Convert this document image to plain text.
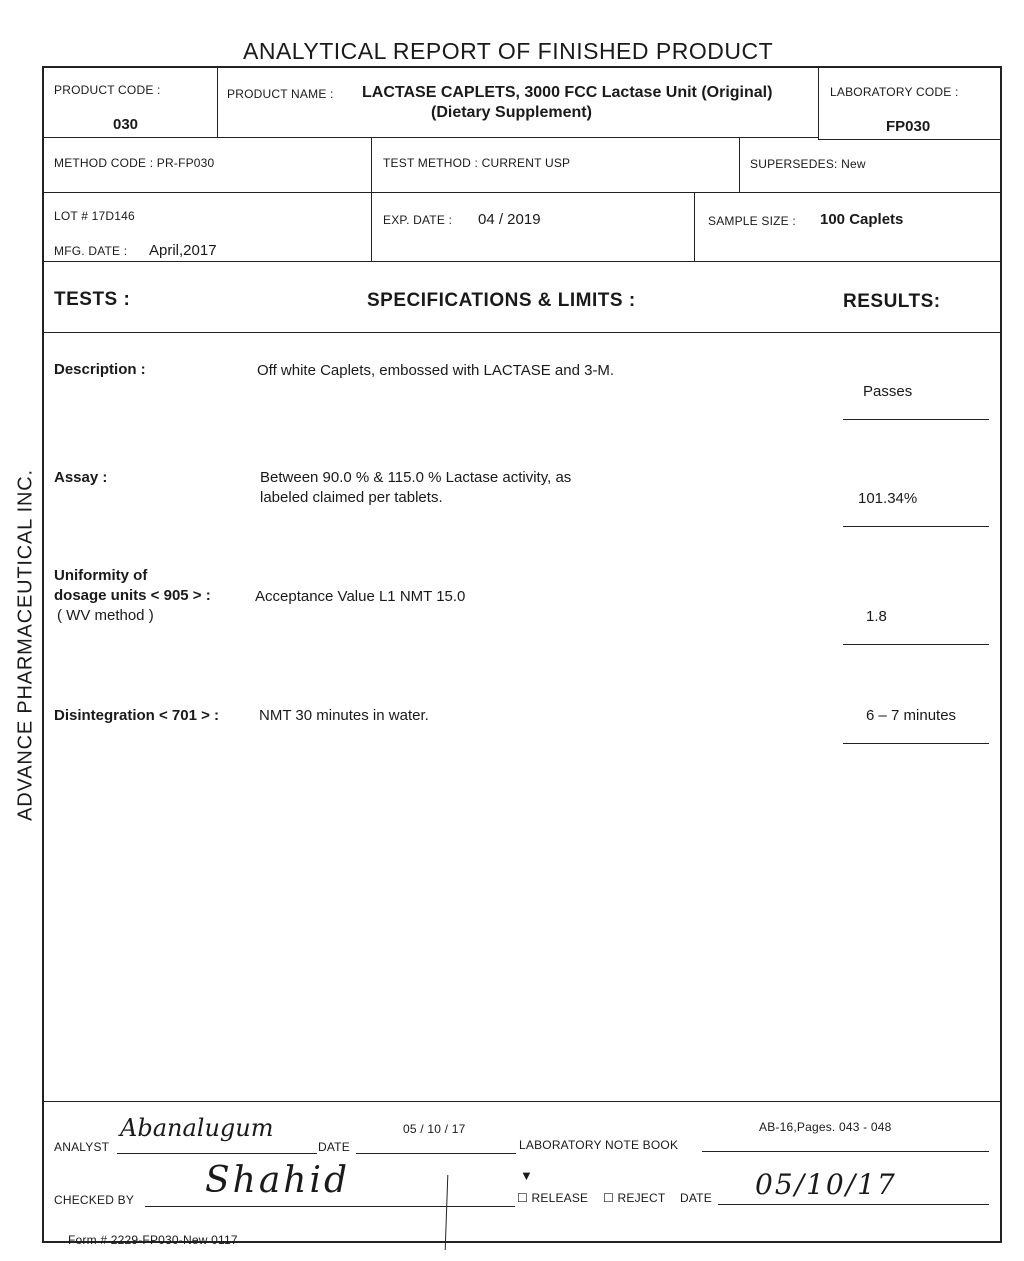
ANALYTICAL REPORT OF FINISHED PRODUCT
ADVANCE PHARMACEUTICAL INC.
PRODUCT CODE :
030
PRODUCT NAME : LACTASE CAPLETS, 3000 FCC Lactase Unit (Original)
(Dietary Supplement)
LABORATORY CODE :
FP030
METHOD CODE : PR-FP030	TEST METHOD : CURRENT USP	SUPERSEDES: New
LOT # 17D146
MFG. DATE : April,2017
EXP. DATE : 04 / 2019	SAMPLE SIZE : 100 Caplets
TESTS :	SPECIFICATIONS & LIMITS :	RESULTS:
Description :	Off white Caplets, embossed with LACTASE and 3-M.
Passes
Assay :	Between 90.0 % & 115.0 % Lactase activity, as
labeled claimed per tablets.	101.34%
Uniformity of
dosage units < 905 > :
( WV method )
Acceptance Value L1 NMT 15.0
1.8
Disintegration < 701 > :	NMT 30 minutes in water.	6 – 7 minutes
ANALYST
Abanalugum
DATE
05 / 10 / 17
LABORATORY NOTE BOOK
AB-16,Pages. 043 - 048
CHECKED BY Shahid	▼
☐ RELEASE ☐ REJECT DATE 05/10/17
Form # 2229-FP030-New 0117
